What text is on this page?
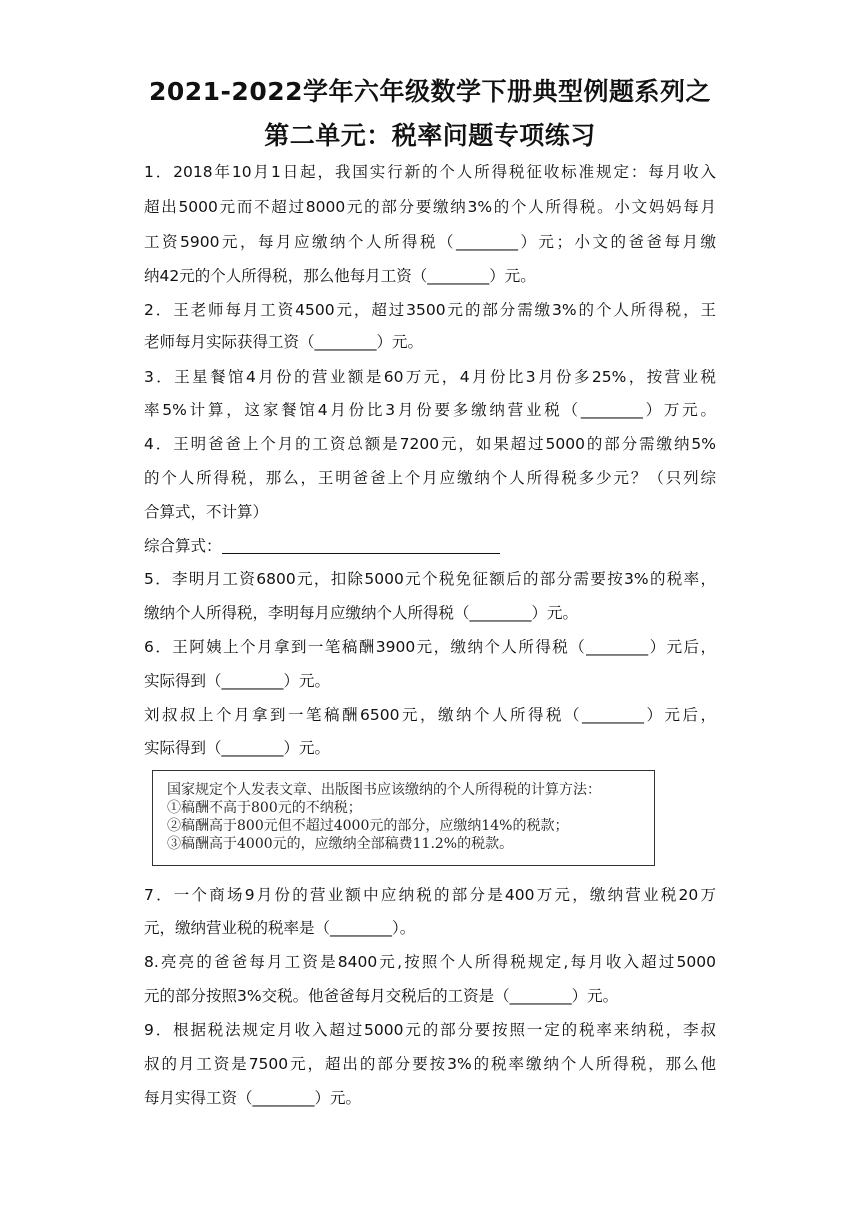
2021-2022学年六年级数学下册典型例题系列之
第二单元：税率问题专项练习
1．2018年10月1日起，我国实行新的个人所得税征收标准规定：每月收入
超出5000元而不超过8000元的部分要缴纳3%的个人所得税。小文妈妈每月
工资5900元，每月应缴纳个人所得税（________）元；小文的爸爸每月缴
纳42元的个人所得税，那么他每月工资（________）元。
2．王老师每月工资4500元，超过3500元的部分需缴3%的个人所得税，王
老师每月实际获得工资（________）元。
3．王星餐馆4月份的营业额是60万元，4月份比3月份多25%，按营业税
率5%计算，这家餐馆4月份比3月份要多缴纳营业税（________）万元。
4．王明爸爸上个月的工资总额是7200元，如果超过5000的部分需缴纳5%
的个人所得税，那么，王明爸爸上个月应缴纳个人所得税多少元？（只列综
合算式，不计算）
综合算式：
5．李明月工资6800元，扣除5000元个税免征额后的部分需要按3%的税率，
缴纳个人所得税，李明每月应缴纳个人所得税（________）元。
6．王阿姨上个月拿到一笔稿酬3900元，缴纳个人所得税（________）元后，
实际得到（________）元。
刘叔叔上个月拿到一笔稿酬6500元，缴纳个人所得税（________）元后，
实际得到（________）元。
国家规定个人发表文章、出版图书应该缴纳的个人所得税的计算方法：
①稿酬不高于800元的不纳税；
②稿酬高于800元但不超过4000元的部分，应缴纳14%的税款；
③稿酬高于4000元的，应缴纳全部稿费11.2%的税款。
7．一个商场9月份的营业额中应纳税的部分是400万元，缴纳营业税20万
元，缴纳营业税的税率是（________）。
8.亮亮的爸爸每月工资是8400元,按照个人所得税规定,每月收入超过5000
元的部分按照3%交税。他爸爸每月交税后的工资是（________）元。
9．根据税法规定月收入超过5000元的部分要按照一定的税率来纳税，李叔
叔的月工资是7500元，超出的部分要按3%的税率缴纳个人所得税，那么他
每月实得工资（________）元。
